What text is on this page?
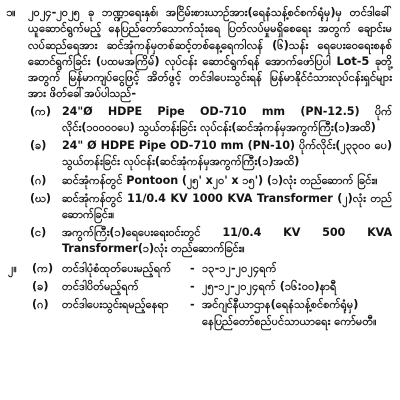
၁။	၂၀၂၄-၂၀၂၅ ခု ဘဏ္ဍာရေးနှစ်၊ အငြိမ်းစားယာဉ်အား(ရေနံသန့်စင်စက်ရုံမှ)မှ တင်ဒါခေါ်ယူဆောင်ရွက်မည့် နေပြည်တော်သောက်သုံးရေ ပြတ်လပ်မှုမရှိစေရေး အတွက် ချောင်းမလပ်ဆည်ရေအား ဆင်အုံကန်မှတစ်ဆင့်တစ်နေ့ရေကါလန် (၆)သန်း ရေပေးဝေရေးစနစ်ဆောင်ရွက်ခြင်း (ပထမအကြိမ်) လုပ်ငန်း ဆောင်ရွက်ရန် အောက်ဖော်ပြပါ Lot-5 ခုတို့အတွက် မြန်မာကျပ်ငွေဖြင့် အိတ်ဖွင့် တင်ဒါပေးသွင်းရန် မြန်မာနိုင်ငံသားလုပ်ငန်းရှင်များအား ဖိတ်ခေါ်အပ်ပါသည်-
(က) 24"Ø HDPE Pipe OD-710 mm (PN-12.5) ပိုက်လိုင်း(၁၀၀၀၀ပေ) သွယ်တန်းခြင်း လုပ်ငန်း(ဆင်အုံကန်မှအကွက်ကြီး(၁)အထိ)
(ခ)	24" Ø HDPE Pipe OD-710 mm (PN-10) ပိုက်လိုင်း(၂၃၃၀၀ ပေ) သွယ်တန်းခြင်း လုပ်ငန်း(ဆင်အုံကန်မှအကွက်ကြီး(၁)အထိ)
(ဂ)	ဆင်အုံကန်တွင် Pontoon (၂၅' x၂၀' x ၁၅') (၁)လုံး တည်ဆောက် ခြင်း။
(ဃ) ဆင်အုံကန်တွင် 11/0.4 KV 1000 KVA Transformer (၂)လုံး တည် ဆောက်ခြင်း။
(င)	အကွက်ကြီး(၁)ရေပေးရေးဝင်းတွင် 11/0.4 KV 500 KVA Transformer(၁)လုံး တည်ဆောက်ခြင်း။
၂။	(က) တင်ဒါပုံစံထုတ်ပေးမည့်ရက်	- ၁၃-၁၂-၂၀၂၄ရက်
(ခ)	တင်ဒါပိတ်မည့်ရက်	- ၂၅-၁၂-၂၀၂၄ရက် (၁၆:၀၀)နာရီ
(ဂ)	တင်ဒါပေးသွင်းရမည့်နေရာ	- အင်ဂျင်နီယာဌာန(ရေနံသန့်စင်စက်ရုံမှ) နေပြည်တော်စည်ပင်သာယာရေး ကော်မတီ။
